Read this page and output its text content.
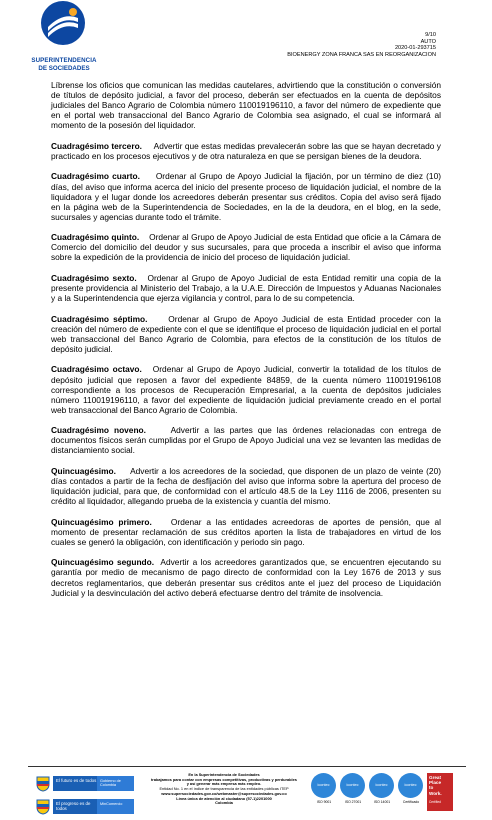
SUPERINTENDENCIA
DE SOCIEDADES
9/10
AUTO
2020-01-293715
BIOENERGY ZONA FRANCA SAS EN REORGANIZACION

Líbrense los oficios que comunican las medidas cautelares, advirtiendo que la constitución o conversión de títulos de depósito judicial, a favor del proceso, deberán ser efectuados en la cuenta de depósitos judiciales del Banco Agrario de Colombia número 110019196110, a favor del número de expediente que en el portal web transaccional del Banco Agrario de Colombia sea asignado, el cual se informará al momento de la posesión del liquidador.

Cuadragésimo tercero. Advertir que estas medidas prevalecerán sobre las que se hayan decretado y practicado en los procesos ejecutivos y de otra naturaleza en que se persigan bienes de la deudora.

Cuadragésimo cuarto. Ordenar al Grupo de Apoyo Judicial la fijación, por un término de diez (10) días, del aviso que informa acerca del inicio del presente proceso de liquidación judicial, el nombre de la liquidadora y el lugar donde los acreedores deberán presentar sus créditos. Copia del aviso será fijado en la página web de la Superintendencia de Sociedades, en la de la deudora, en el blog, en la sede, sucursales y agencias durante todo el trámite.

Cuadragésimo quinto. Ordenar al Grupo de Apoyo Judicial de esta Entidad que oficie a la Cámara de Comercio del domicilio del deudor y sus sucursales, para que proceda a inscribir el aviso que informa sobre la expedición de la providencia de inicio del proceso de liquidación judicial.

Cuadragésimo sexto. Ordenar al Grupo de Apoyo Judicial de esta Entidad remitir una copia de la presente providencia al Ministerio del Trabajo, a la U.A.E. Dirección de Impuestos y Aduanas Nacionales y a la Superintendencia que ejerza vigilancia y control, para lo de su competencia.

Cuadragésimo séptimo. Ordenar al Grupo de Apoyo Judicial de esta Entidad proceder con la creación del número de expediente con el que se identifique el proceso de liquidación judicial en el portal web transaccional del Banco Agrario de Colombia, para efectos de la constitución de los títulos de depósito judicial.

Cuadragésimo octavo. Ordenar al Grupo de Apoyo Judicial, convertir la totalidad de los títulos de depósito judicial que reposen a favor del expediente 84859, de la cuenta número 110019196108 correspondiente a los procesos de Recuperación Empresarial, a la cuenta de depósitos judiciales número 110019196110, a favor del expediente de liquidación judicial previamente creado en el portal web transaccional del Banco Agrario de Colombia.

Cuadragésimo noveno.	Advertir a las partes que las órdenes relacionadas con entrega de documentos físicos serán cumplidas por el Grupo de Apoyo Judicial una vez se levanten las medidas de distanciamiento social.

Quincuagésimo. Advertir a los acreedores de la sociedad, que disponen de un plazo de veinte (20) días contados a partir de la fecha de desfijación del aviso que informa sobre la apertura del proceso de liquidación judicial, para que, de conformidad con el artículo 48.5 de la Ley 1116 de 2006, presenten su crédito al liquidador, allegando prueba de la existencia y cuantía del mismo.

Quincuagésimo primero. Ordenar a las entidades acreedoras de aportes de pensión, que al momento de presentar reclamación de sus créditos aporten la lista de trabajadores en virtud de los cuales se generó la obligación, con identificación y periodo sin pago.

Quincuagésimo segundo. Advertir a los acreedores garantizados que, se encuentren ejecutando su garantía por medio de mecanismo de pago directo de conformidad con la Ley 1676 de 2013 y sus decretos reglamentarios, que deberán presentar sus créditos ante el juez del proceso de Liquidación Judicial y la desvinculación del activo deberá efectuarse dentro del trámite de insolvencia.

El futuro es de todos Gobierno de Colombia
El progreso es de todos
MinComercio
En la Superintendencia de Sociedades
trabajamos para contar con empresas competitivas, productivas y perdurables
y así generar más empresa más empleo.
Entidad No. 1 en el índice de transparencia de las entidades públicas ITEP
www.supersociedades.gov.co/webmaster@supersociedades.gov.co
Línea única de atención al ciudadano (57-1)2201000
Colombia
icontec
ISO 9001
icontec
ISO 27001
icontec
ISO 14001
icontec
Certificado
Great
Place
to
Work.
Certified
